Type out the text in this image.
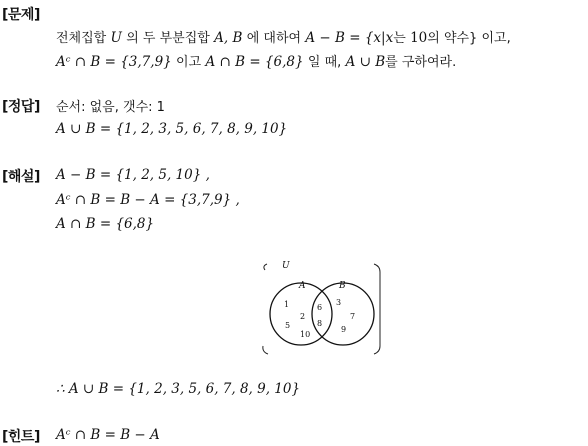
[문제]
전체집합 U 의 두 부분집합 A, B 에 대하여 A − B = {x|x는 10의 약수} 이고,
Aᶜ ∩ B = {3,7,9} 이고 A ∩ B = {6,8} 일 때, A ∪ B를 구하여라.
[정답] 순서: 없음, 갯수: 1
A ∪ B = {1, 2, 3, 5, 6, 7, 8, 9, 10}
[해설] A − B = {1, 2, 5, 10} ,
Aᶜ ∩ B = B − A = {3,7,9} ,
A ∩ B = {6,8}
U
A	B
1
2
5
10
6
8
3
7
9
∴ A ∪ B = {1, 2, 3, 5, 6, 7, 8, 9, 10}
[힌트] Aᶜ ∩ B = B − A
